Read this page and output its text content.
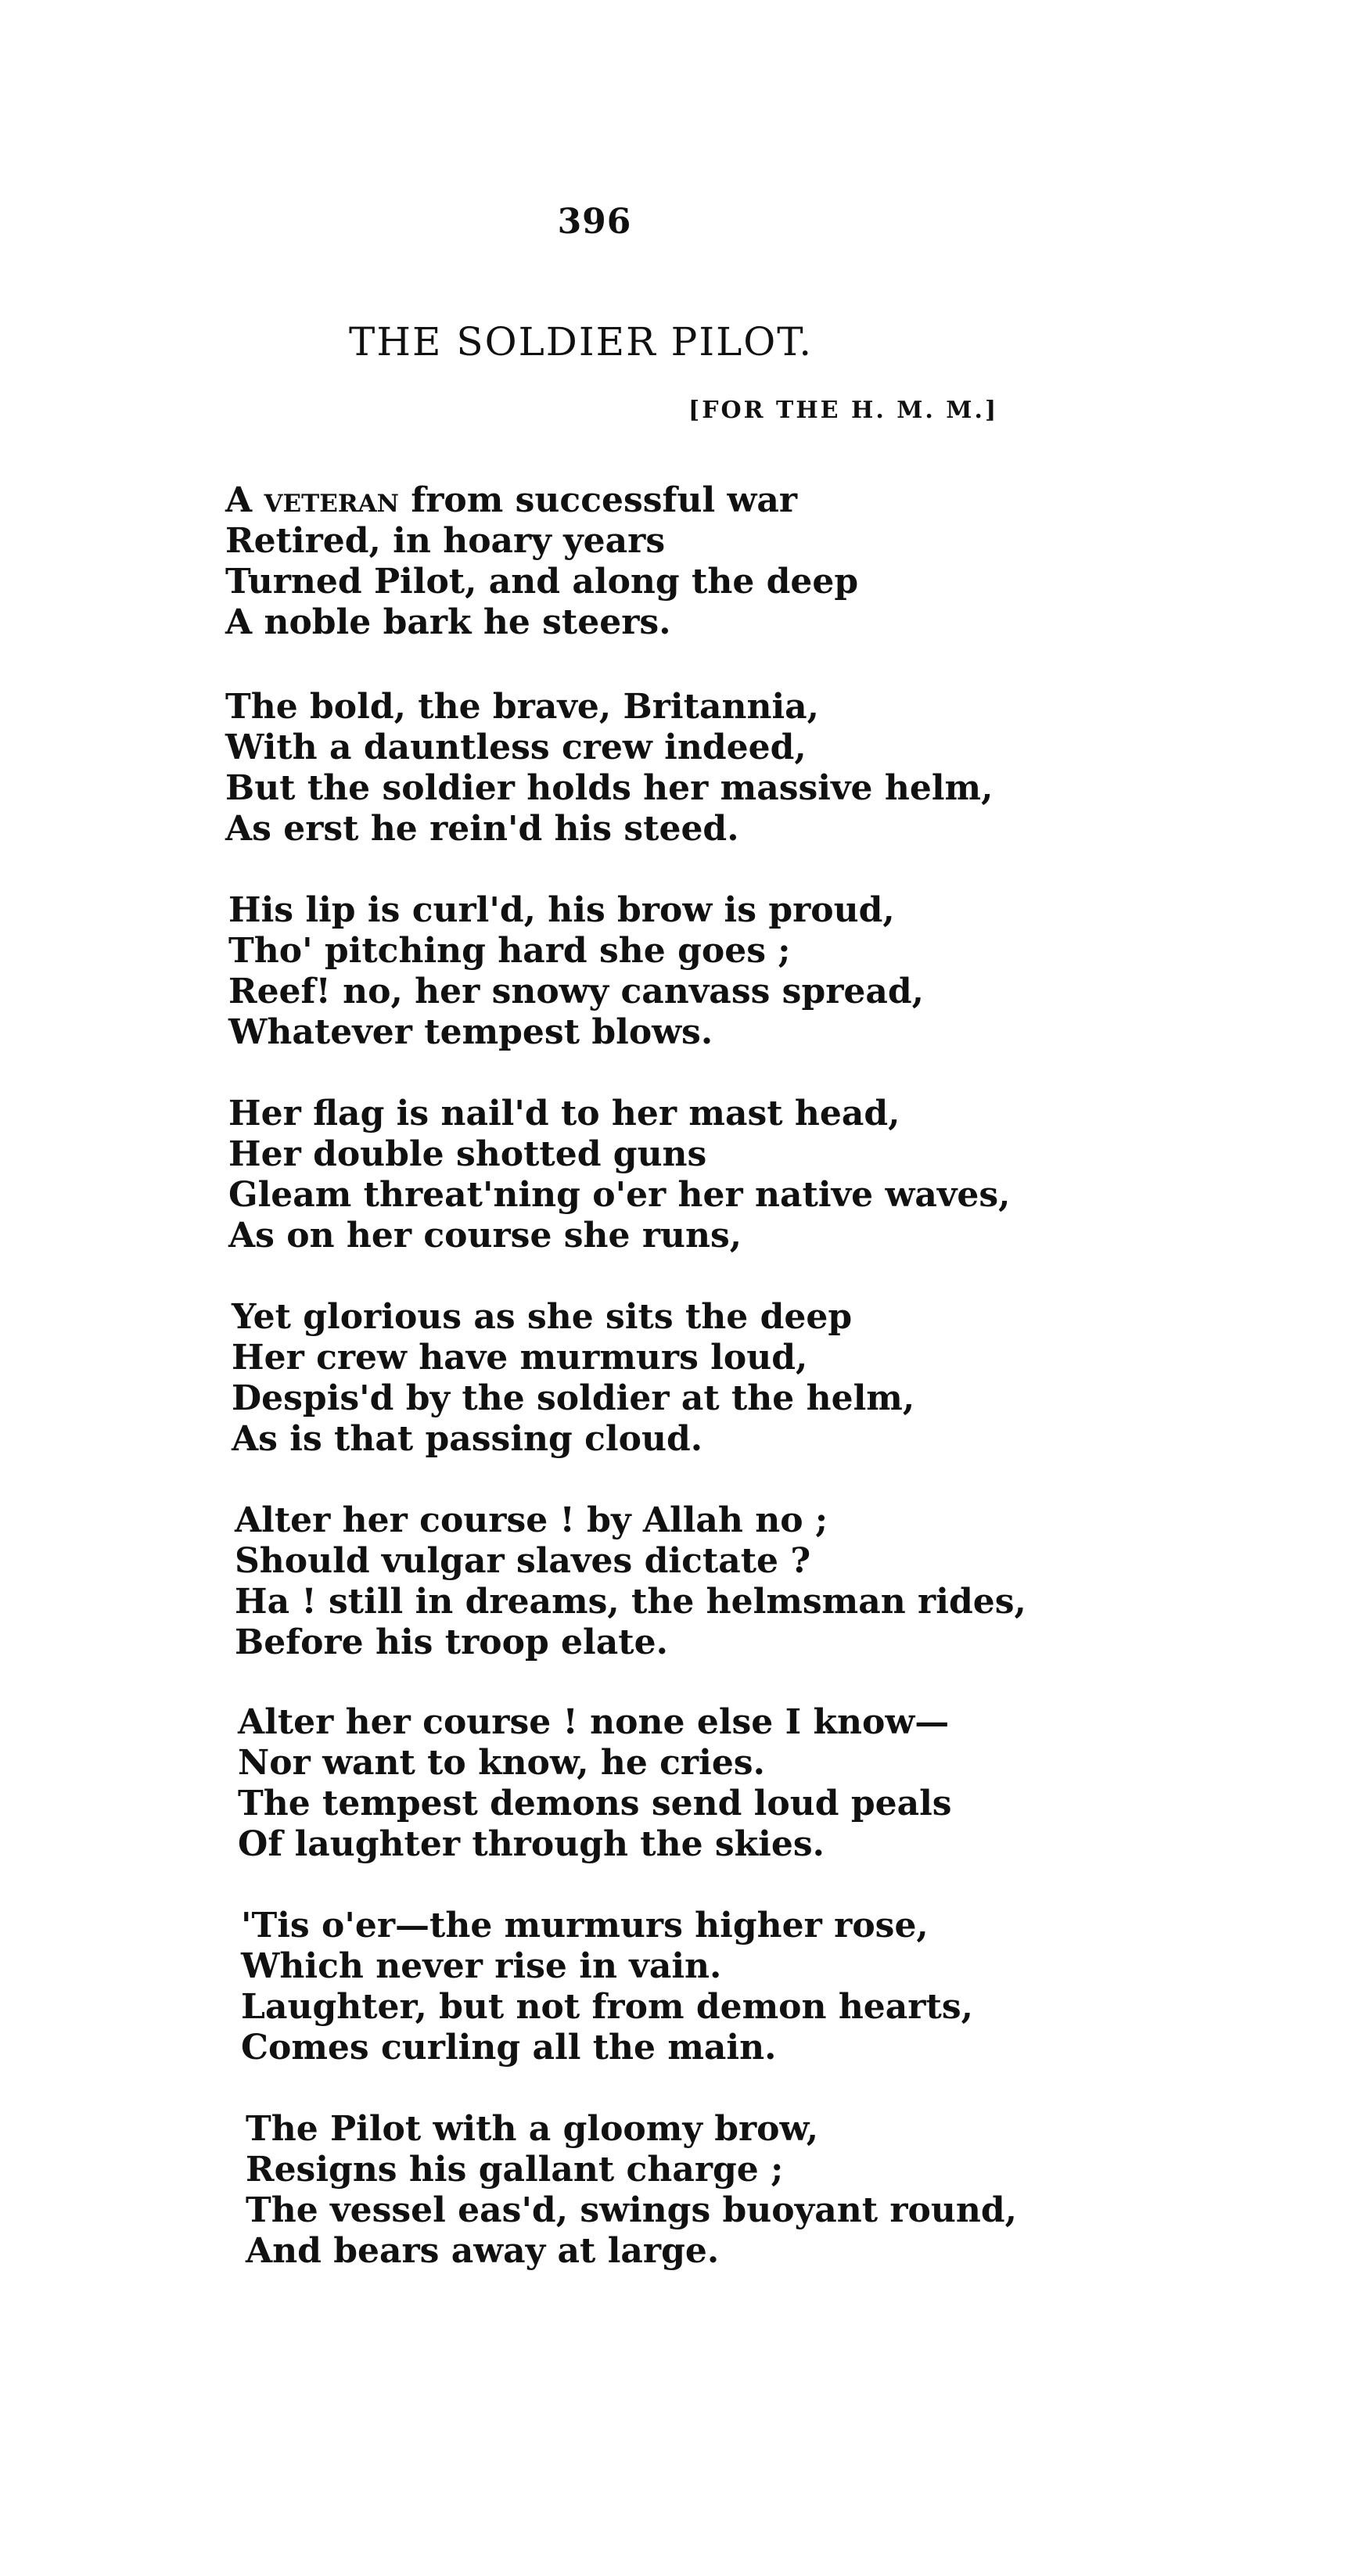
396
THE SOLDIER PILOT.
[FOR THE H. M. M.]
A veteran from successful war
Retired, in hoary years
Turned Pilot, and along the deep
A noble bark he steers.
The bold, the brave, Britannia,
With a dauntless crew indeed,
But the soldier holds her massive helm,
As erst he rein'd his steed.
His lip is curl'd, his brow is proud,
Tho' pitching hard she goes ;
Reef! no, her snowy canvass spread,
Whatever tempest blows.
Her flag is nail'd to her mast head,
Her double shotted guns
Gleam threat'ning o'er her native waves,
As on her course she runs,
Yet glorious as she sits the deep
Her crew have murmurs loud,
Despis'd by the soldier at the helm,
As is that passing cloud.
Alter her course ! by Allah no ;
Should vulgar slaves dictate ?
Ha ! still in dreams, the helmsman rides,
Before his troop elate.
Alter her course ! none else I know—
Nor want to know, he cries.
The tempest demons send loud peals
Of laughter through the skies.
'Tis o'er—the murmurs higher rose,
Which never rise in vain.
Laughter, but not from demon hearts,
Comes curling all the main.
The Pilot with a gloomy brow,
Resigns his gallant charge ;
The vessel eas'd, swings buoyant round,
And bears away at large.
